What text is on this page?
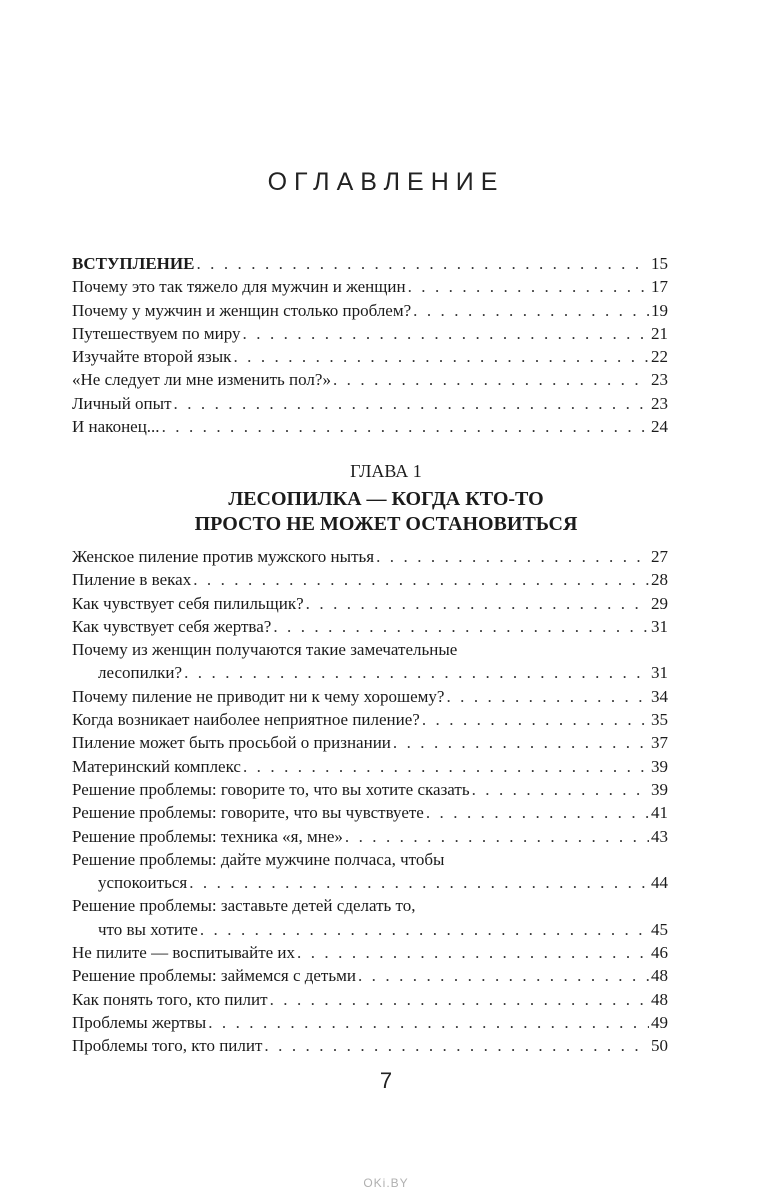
ОГЛАВЛЕНИЕ
ВСТУПЛЕНИЕ . . .	15
Почему это так тяжело для мужчин и женщин . . .	17
Почему у мужчин и женщин столько проблем? . . .	19
Путешествуем по миру . . .	21
Изучайте второй язык . . .	22
«Не следует ли мне изменить пол?» . . .	23
Личный опыт . . .	23
И наконец... . . .	24
ГЛАВА 1
ЛЕСОПИЛКА — КОГДА КТО-ТО
ПРОСТО НЕ МОЖЕТ ОСТАНОВИТЬСЯ
Женское пиление против мужского нытья . . .	27
Пиление в веках . . .	28
Как чувствует себя пилильщик? . . .	29
Как чувствует себя жертва? . . .	31
Почему из женщин получаются такие замечательные
лесопилки? . . .	31
Почему пиление не приводит ни к чему хорошему? . . .	34
Когда возникает наиболее неприятное пиление? . . .	35
Пиление может быть просьбой о признании . . .	37
Материнский комплекс . . .	39
Решение проблемы: говорите то, что вы хотите сказать . . .	39
Решение проблемы: говорите, что вы чувствуете . . .	41
Решение проблемы: техника «я, мне» . . .	43
Решение проблемы: дайте мужчине полчаса, чтобы
успокоиться . . .	44
Решение проблемы: заставьте детей сделать то,
что вы хотите . . .	45
Не пилите — воспитывайте их . . .	46
Решение проблемы: займемся с детьми . . .	48
Как понять того, кто пилит . . .	48
Проблемы жертвы . . .	49
Проблемы того, кто пилит . . .	50
7
OKi.BY
